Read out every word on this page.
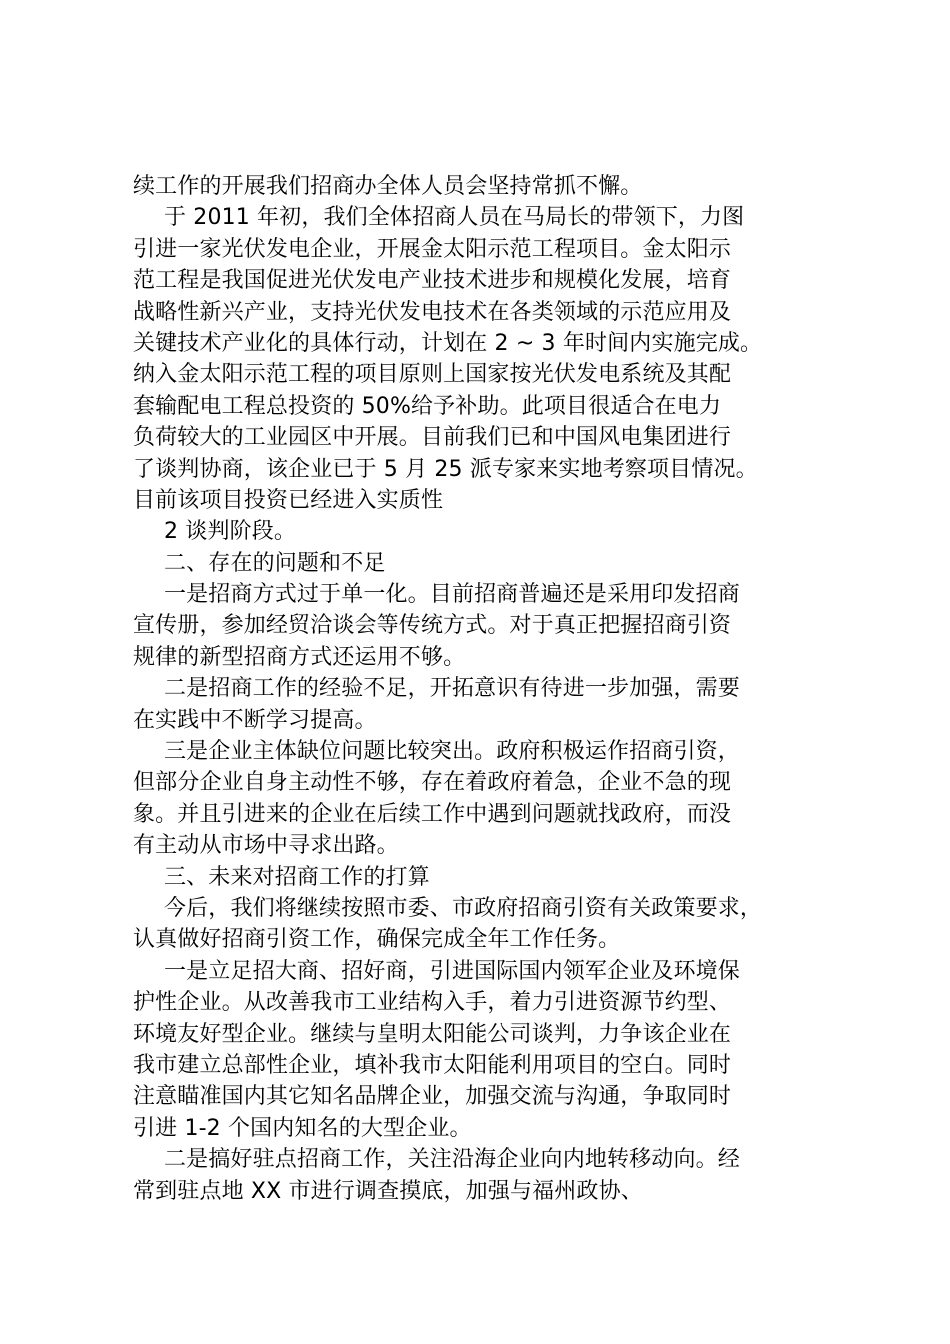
续工作的开展我们招商办全体人员会坚持常抓不懈。
于 2011 年初，我们全体招商人员在马局长的带领下，力图
引进一家光伏发电企业，开展金太阳示范工程项目。金太阳示
范工程是我国促进光伏发电产业技术进步和规模化发展，培育
战略性新兴产业，支持光伏发电技术在各类领域的示范应用及
关键技术产业化的具体行动，计划在 2 ~ 3 年时间内实施完成。
纳入金太阳示范工程的项目原则上国家按光伏发电系统及其配
套输配电工程总投资的 50%给予补助。此项目很适合在电力
负荷较大的工业园区中开展。目前我们已和中国风电集团进行
了谈判协商，该企业已于 5 月 25 派专家来实地考察项目情况。
目前该项目投资已经进入实质性
2 谈判阶段。
二、存在的问题和不足
一是招商方式过于单一化。目前招商普遍还是采用印发招商
宣传册，参加经贸洽谈会等传统方式。对于真正把握招商引资
规律的新型招商方式还运用不够。
二是招商工作的经验不足，开拓意识有待进一步加强，需要
在实践中不断学习提高。
三是企业主体缺位问题比较突出。政府积极运作招商引资，
但部分企业自身主动性不够，存在着政府着急，企业不急的现
象。并且引进来的企业在后续工作中遇到问题就找政府，而没
有主动从市场中寻求出路。
三、未来对招商工作的打算
今后，我们将继续按照市委、市政府招商引资有关政策要求，
认真做好招商引资工作，确保完成全年工作任务。
一是立足招大商、招好商，引进国际国内领军企业及环境保
护性企业。从改善我市工业结构入手，着力引进资源节约型、
环境友好型企业。继续与皇明太阳能公司谈判，力争该企业在
我市建立总部性企业，填补我市太阳能利用项目的空白。同时
注意瞄准国内其它知名品牌企业，加强交流与沟通，争取同时
引进 1-2 个国内知名的大型企业。
二是搞好驻点招商工作，关注沿海企业向内地转移动向。经
常到驻点地 XX 市进行调查摸底，加强与福州政协、
